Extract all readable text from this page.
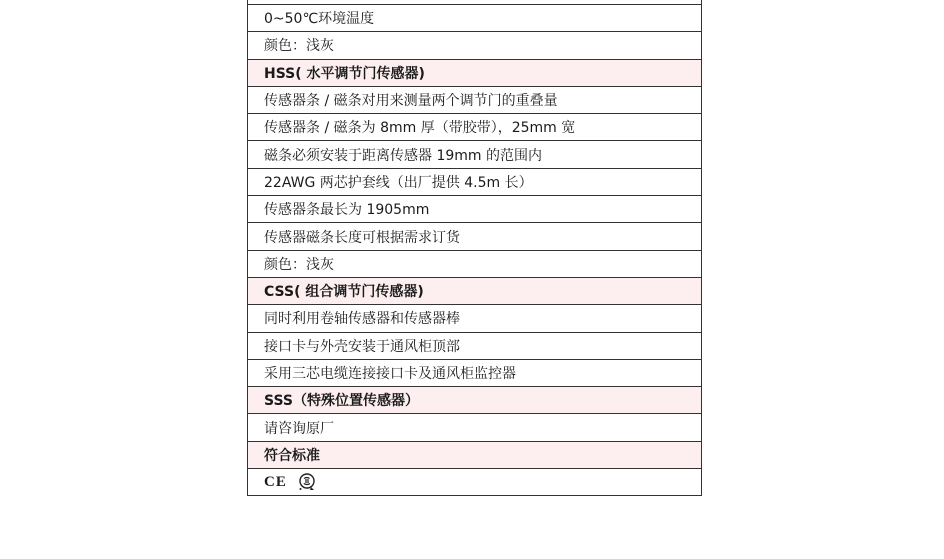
0~50℃环境温度
颜色：浅灰
HSS( 水平调节门传感器)
传感器条 / 磁条对用来测量两个调节门的重叠量
传感器条 / 磁条为 8mm 厚（带胶带），25mm 宽
磁条必须安装于距离传感器 19mm 的范围内
22AWG 两芯护套线（出厂提供 4.5m 长）
传感器条最长为 1905mm
传感器磁条长度可根据需求订货
颜色：浅灰
CSS( 组合调节门传感器)
同时利用卷轴传感器和传感器棒
接口卡与外壳安装于通风柜顶部
采用三芯电缆连接接口卡及通风柜监控器
SSS（特殊位置传感器）
请咨询原厂
符合标准
CE
